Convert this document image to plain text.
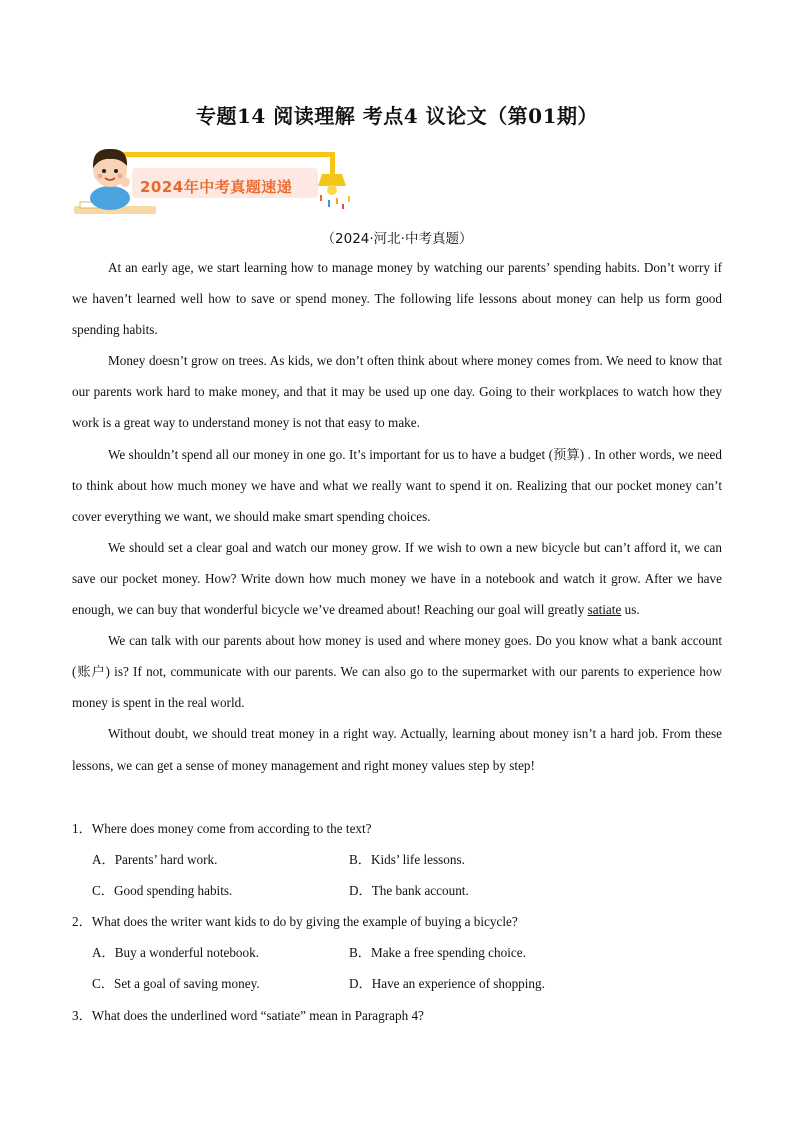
专题14 阅读理解 考点4 议论文（第01期）
2024年中考真题速递
（2024·河北·中考真题）

At an early age, we start learning how to manage money by watching our parents’ spending habits. Don’t worry if we haven’t learned well how to save or spend money. The following life lessons about money can help us form good spending habits.

Money doesn’t grow on trees. As kids, we don’t often think about where money comes from. We need to know that our parents work hard to make money, and that it may be used up one day. Going to their workplaces to watch how they work is a great way to understand money is not that easy to make.

We shouldn’t spend all our money in one go. It’s important for us to have a budget (预算) . In other words, we need to think about how much money we have and what we really want to spend it on. Realizing that our pocket money can’t cover everything we want, we should make smart spending choices.

We should set a clear goal and watch our money grow. If we wish to own a new bicycle but can’t afford it, we can save our pocket money. How? Write down how much money we have in a notebook and watch it grow. After we have enough, we can buy that wonderful bicycle we’ve dreamed about! Reaching our goal will greatly satiate us.

We can talk with our parents about how money is used and where money goes. Do you know what a bank account (账户) is? If not, communicate with our parents. We can also go to the supermarket with our parents to experience how money is spent in the real world.

Without doubt, we should treat money in a right way. Actually, learning about money isn’t a hard job. From these lessons, we can get a sense of money management and right money values step by step!

1．Where does money come from according to the text?

A．Parents’ hard work.	B．Kids’ life lessons.
C．Good spending habits.	D．The bank account.

2．What does the writer want kids to do by giving the example of buying a bicycle?

A．Buy a wonderful notebook.	B．Make a free spending choice.
C．Set a goal of saving money.	D．Have an experience of shopping.

3．What does the underlined word “satiate” mean in Paragraph 4?
